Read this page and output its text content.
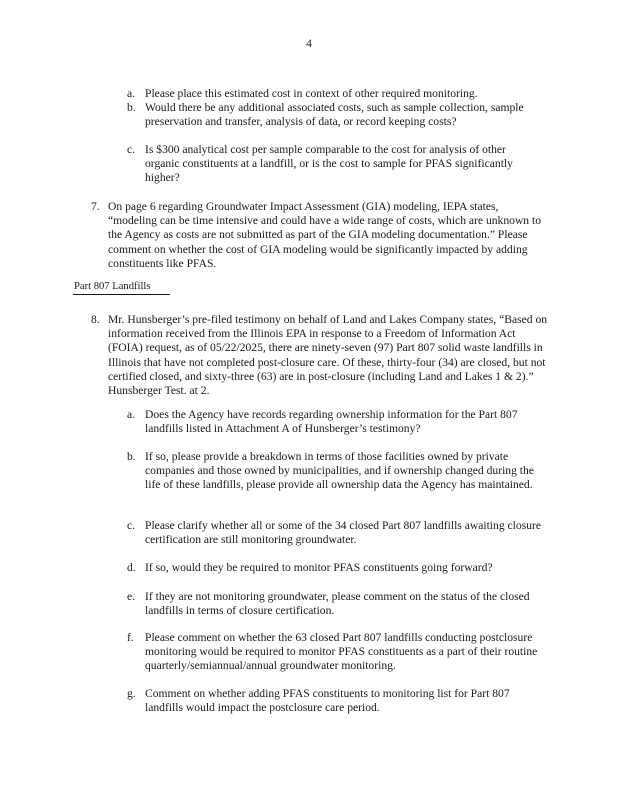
4
a. Please place this estimated cost in context of other required monitoring.
b. Would there be any additional associated costs, such as sample collection, sample preservation and transfer, analysis of data, or record keeping costs?
c. Is $300 analytical cost per sample comparable to the cost for analysis of other organic constituents at a landfill, or is the cost to sample for PFAS significantly higher?
7. On page 6 regarding Groundwater Impact Assessment (GIA) modeling, IEPA states, “modeling can be time intensive and could have a wide range of costs, which are unknown to the Agency as costs are not submitted as part of the GIA modeling documentation.” Please comment on whether the cost of GIA modeling would be significantly impacted by adding constituents like PFAS.
Part 807 Landfills
8. Mr. Hunsberger’s pre-filed testimony on behalf of Land and Lakes Company states, “Based on information received from the Illinois EPA in response to a Freedom of Information Act (FOIA) request, as of 05/22/2025, there are ninety-seven (97) Part 807 solid waste landfills in Illinois that have not completed post-closure care. Of these, thirty-four (34) are closed, but not certified closed, and sixty-three (63) are in post-closure (including Land and Lakes 1 & 2).” Hunsberger Test. at 2.
a. Does the Agency have records regarding ownership information for the Part 807 landfills listed in Attachment A of Hunsberger’s testimony?
b. If so, please provide a breakdown in terms of those facilities owned by private companies and those owned by municipalities, and if ownership changed during the life of these landfills, please provide all ownership data the Agency has maintained.
c. Please clarify whether all or some of the 34 closed Part 807 landfills awaiting closure certification are still monitoring groundwater.
d. If so, would they be required to monitor PFAS constituents going forward?
e. If they are not monitoring groundwater, please comment on the status of the closed landfills in terms of closure certification.
f. Please comment on whether the 63 closed Part 807 landfills conducting postclosure monitoring would be required to monitor PFAS constituents as a part of their routine quarterly/semiannual/annual groundwater monitoring.
g. Comment on whether adding PFAS constituents to monitoring list for Part 807 landfills would impact the postclosure care period.
